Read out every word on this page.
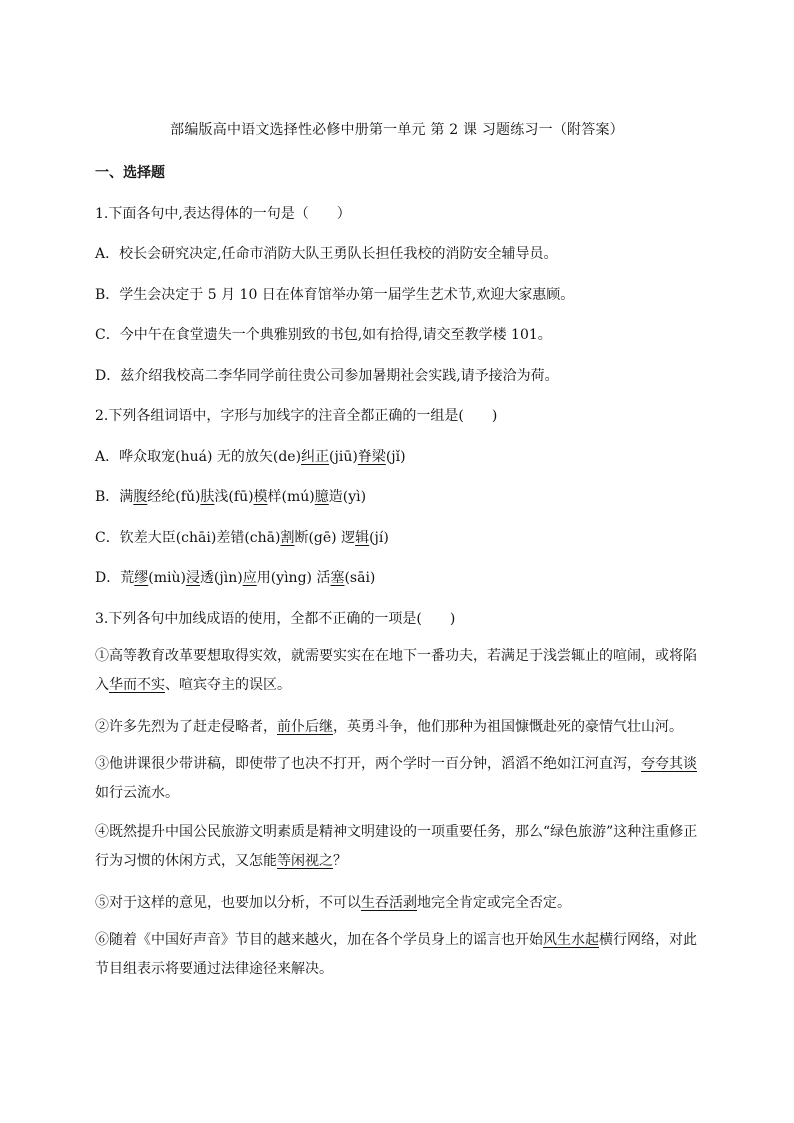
部编版高中语文选择性必修中册第一单元 第 2 课 习题练习一（附答案）
一、选择题
1.下面各句中,表达得体的一句是（　　）
A．校长会研究决定,任命市消防大队王勇队长担任我校的消防安全辅导员。
B．学生会决定于 5 月 10 日在体育馆举办第一届学生艺术节,欢迎大家惠顾。
C．今中午在食堂遗失一个典雅别致的书包,如有拾得,请交至教学楼 101。
D．兹介绍我校高二李华同学前往贵公司参加暑期社会实践,请予接洽为荷。
2.下列各组词语中，字形与加线字的注音全都正确的一组是(　　)
A．哗众取宠(huá) 无的放矢(de)纠正(jiū)脊梁(jǐ)
B．满腹经纶(fǔ)肤浅(fū)模样(mú)臆造(yì)
C．钦差大臣(chāi)差错(chā)割断(gē) 逻辑(jí)
D．荒缪(miù)浸透(jìn)应用(yìng) 活塞(sāi)
3.下列各句中加线成语的使用，全都不正确的一项是(　　)
①高等教育改革要想取得实效，就需要实实在在地下一番功夫，若满足于浅尝辄止的喧闹，或将陷入华而不实、喧宾夺主的误区。
②许多先烈为了赶走侵略者，前仆后继，英勇斗争，他们那种为祖国慷慨赴死的豪情气壮山河。
③他讲课很少带讲稿，即使带了也决不打开，两个学时一百分钟，滔滔不绝如江河直泻，夸夸其谈如行云流水。
④既然提升中国公民旅游文明素质是精神文明建设的一项重要任务，那么“绿色旅游”这种注重修正行为习惯的休闲方式，又怎能等闲视之？
⑤对于这样的意见，也要加以分析，不可以生吞活剥地完全肯定或完全否定。
⑥随着《中国好声音》节目的越来越火，加在各个学员身上的谣言也开始风生水起横行网络，对此节目组表示将要通过法律途径来解决。
